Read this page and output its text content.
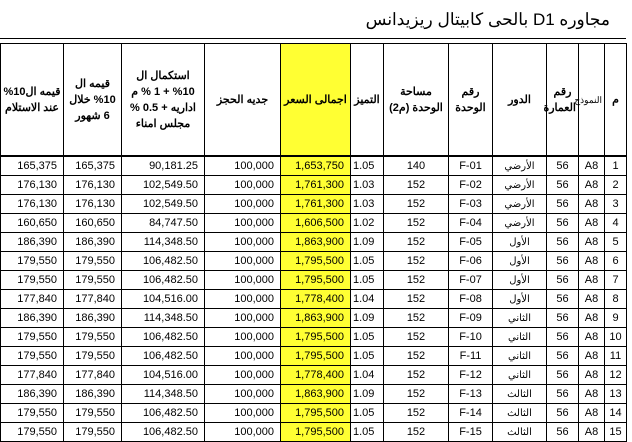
مجاوره D1 بالحى كابيتال ريزيدانس
م	النموذج	رقم العمارة	الدور	رقم الوحدة	مساحة الوحدة (م2)	التميز	اجمالى السعر	جديه الحجز	استكمال ال 10% + 1 % م اداريه + 0.5 % مجلس امناء	قيمه ال 10% خلال 6 شهور	قيمه ال10% عند الاستلام
1	A8	56	الأرضي	F-01	140	1.05	1,653,750	100,000	90,181.25	165,375	165,375
2	A8	56	الأرضي	F-02	152	1.03	1,761,300	100,000	102,549.50	176,130	176,130
3	A8	56	الأرضي	F-03	152	1.03	1,761,300	100,000	102,549.50	176,130	176,130
4	A8	56	الأرضي	F-04	152	1.02	1,606,500	100,000	84,747.50	160,650	160,650
5	A8	56	الأول	F-05	152	1.09	1,863,900	100,000	114,348.50	186,390	186,390
6	A8	56	الأول	F-06	152	1.05	1,795,500	100,000	106,482.50	179,550	179,550
7	A8	56	الأول	F-07	152	1.05	1,795,500	100,000	106,482.50	179,550	179,550
8	A8	56	الأول	F-08	152	1.04	1,778,400	100,000	104,516.00	177,840	177,840
9	A8	56	الثاني	F-09	152	1.09	1,863,900	100,000	114,348.50	186,390	186,390
10	A8	56	الثاني	F-10	152	1.05	1,795,500	100,000	106,482.50	179,550	179,550
11	A8	56	الثاني	F-11	152	1.05	1,795,500	100,000	106,482.50	179,550	179,550
12	A8	56	الثاني	F-12	152	1.04	1,778,400	100,000	104,516.00	177,840	177,840
13	A8	56	الثالث	F-13	152	1.09	1,863,900	100,000	114,348.50	186,390	186,390
14	A8	56	الثالث	F-14	152	1.05	1,795,500	100,000	106,482.50	179,550	179,550
15	A8	56	الثالث	F-15	152	1.05	1,795,500	100,000	106,482.50	179,550	179,550
